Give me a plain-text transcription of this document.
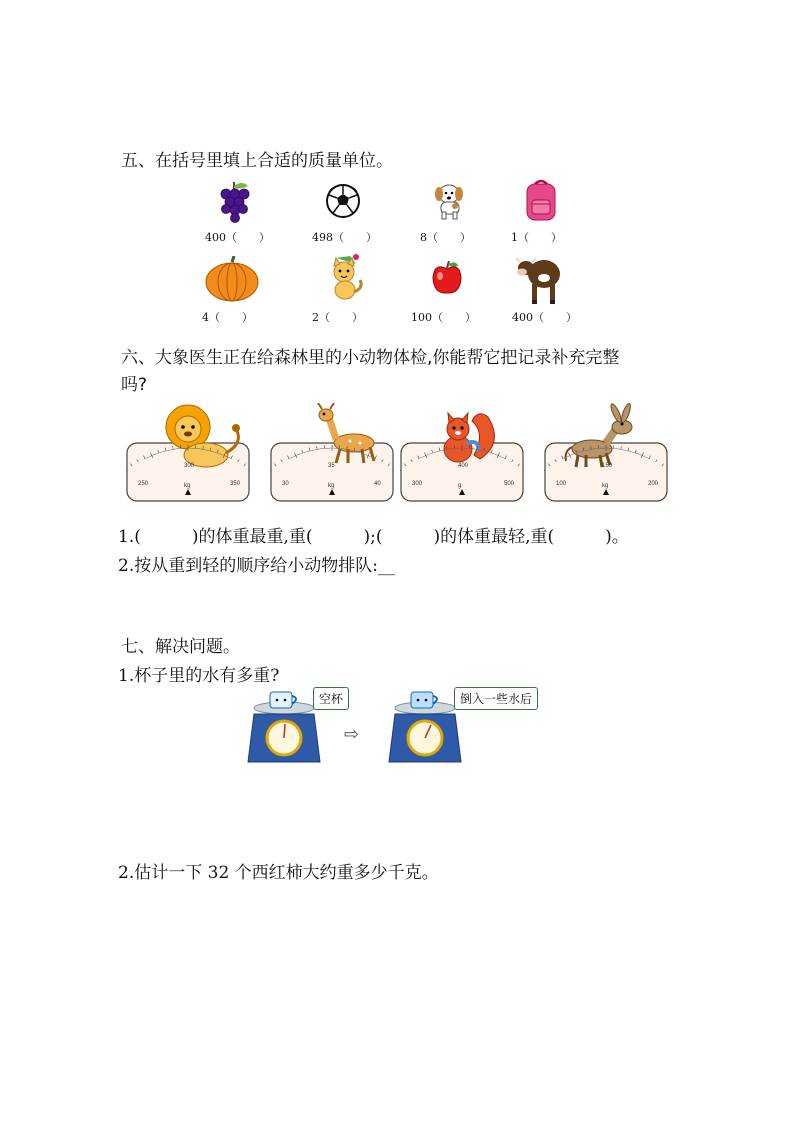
五、在括号里填上合适的质量单位。
400（　　）	498（　　）	8（　　）	1（　　）
4（　　）	2（　　）	100（　　）	400（　　）
六、大象医生正在给森林里的小动物体检,你能帮它把记录补充完整
吗?
250
300
350
kg	30
35
40
kg	300
400
500
g	100
150
200
kg
1.(　　　)的体重最重,重(　　　);(　　　)的体重最轻,重(　　　)。
2.按从重到轻的顺序给小动物排队:__
七、解决问题。
1.杯子里的水有多重?
空杯
⇨
倒入一些水后
2.估计一下 32 个西红柿大约重多少千克。
